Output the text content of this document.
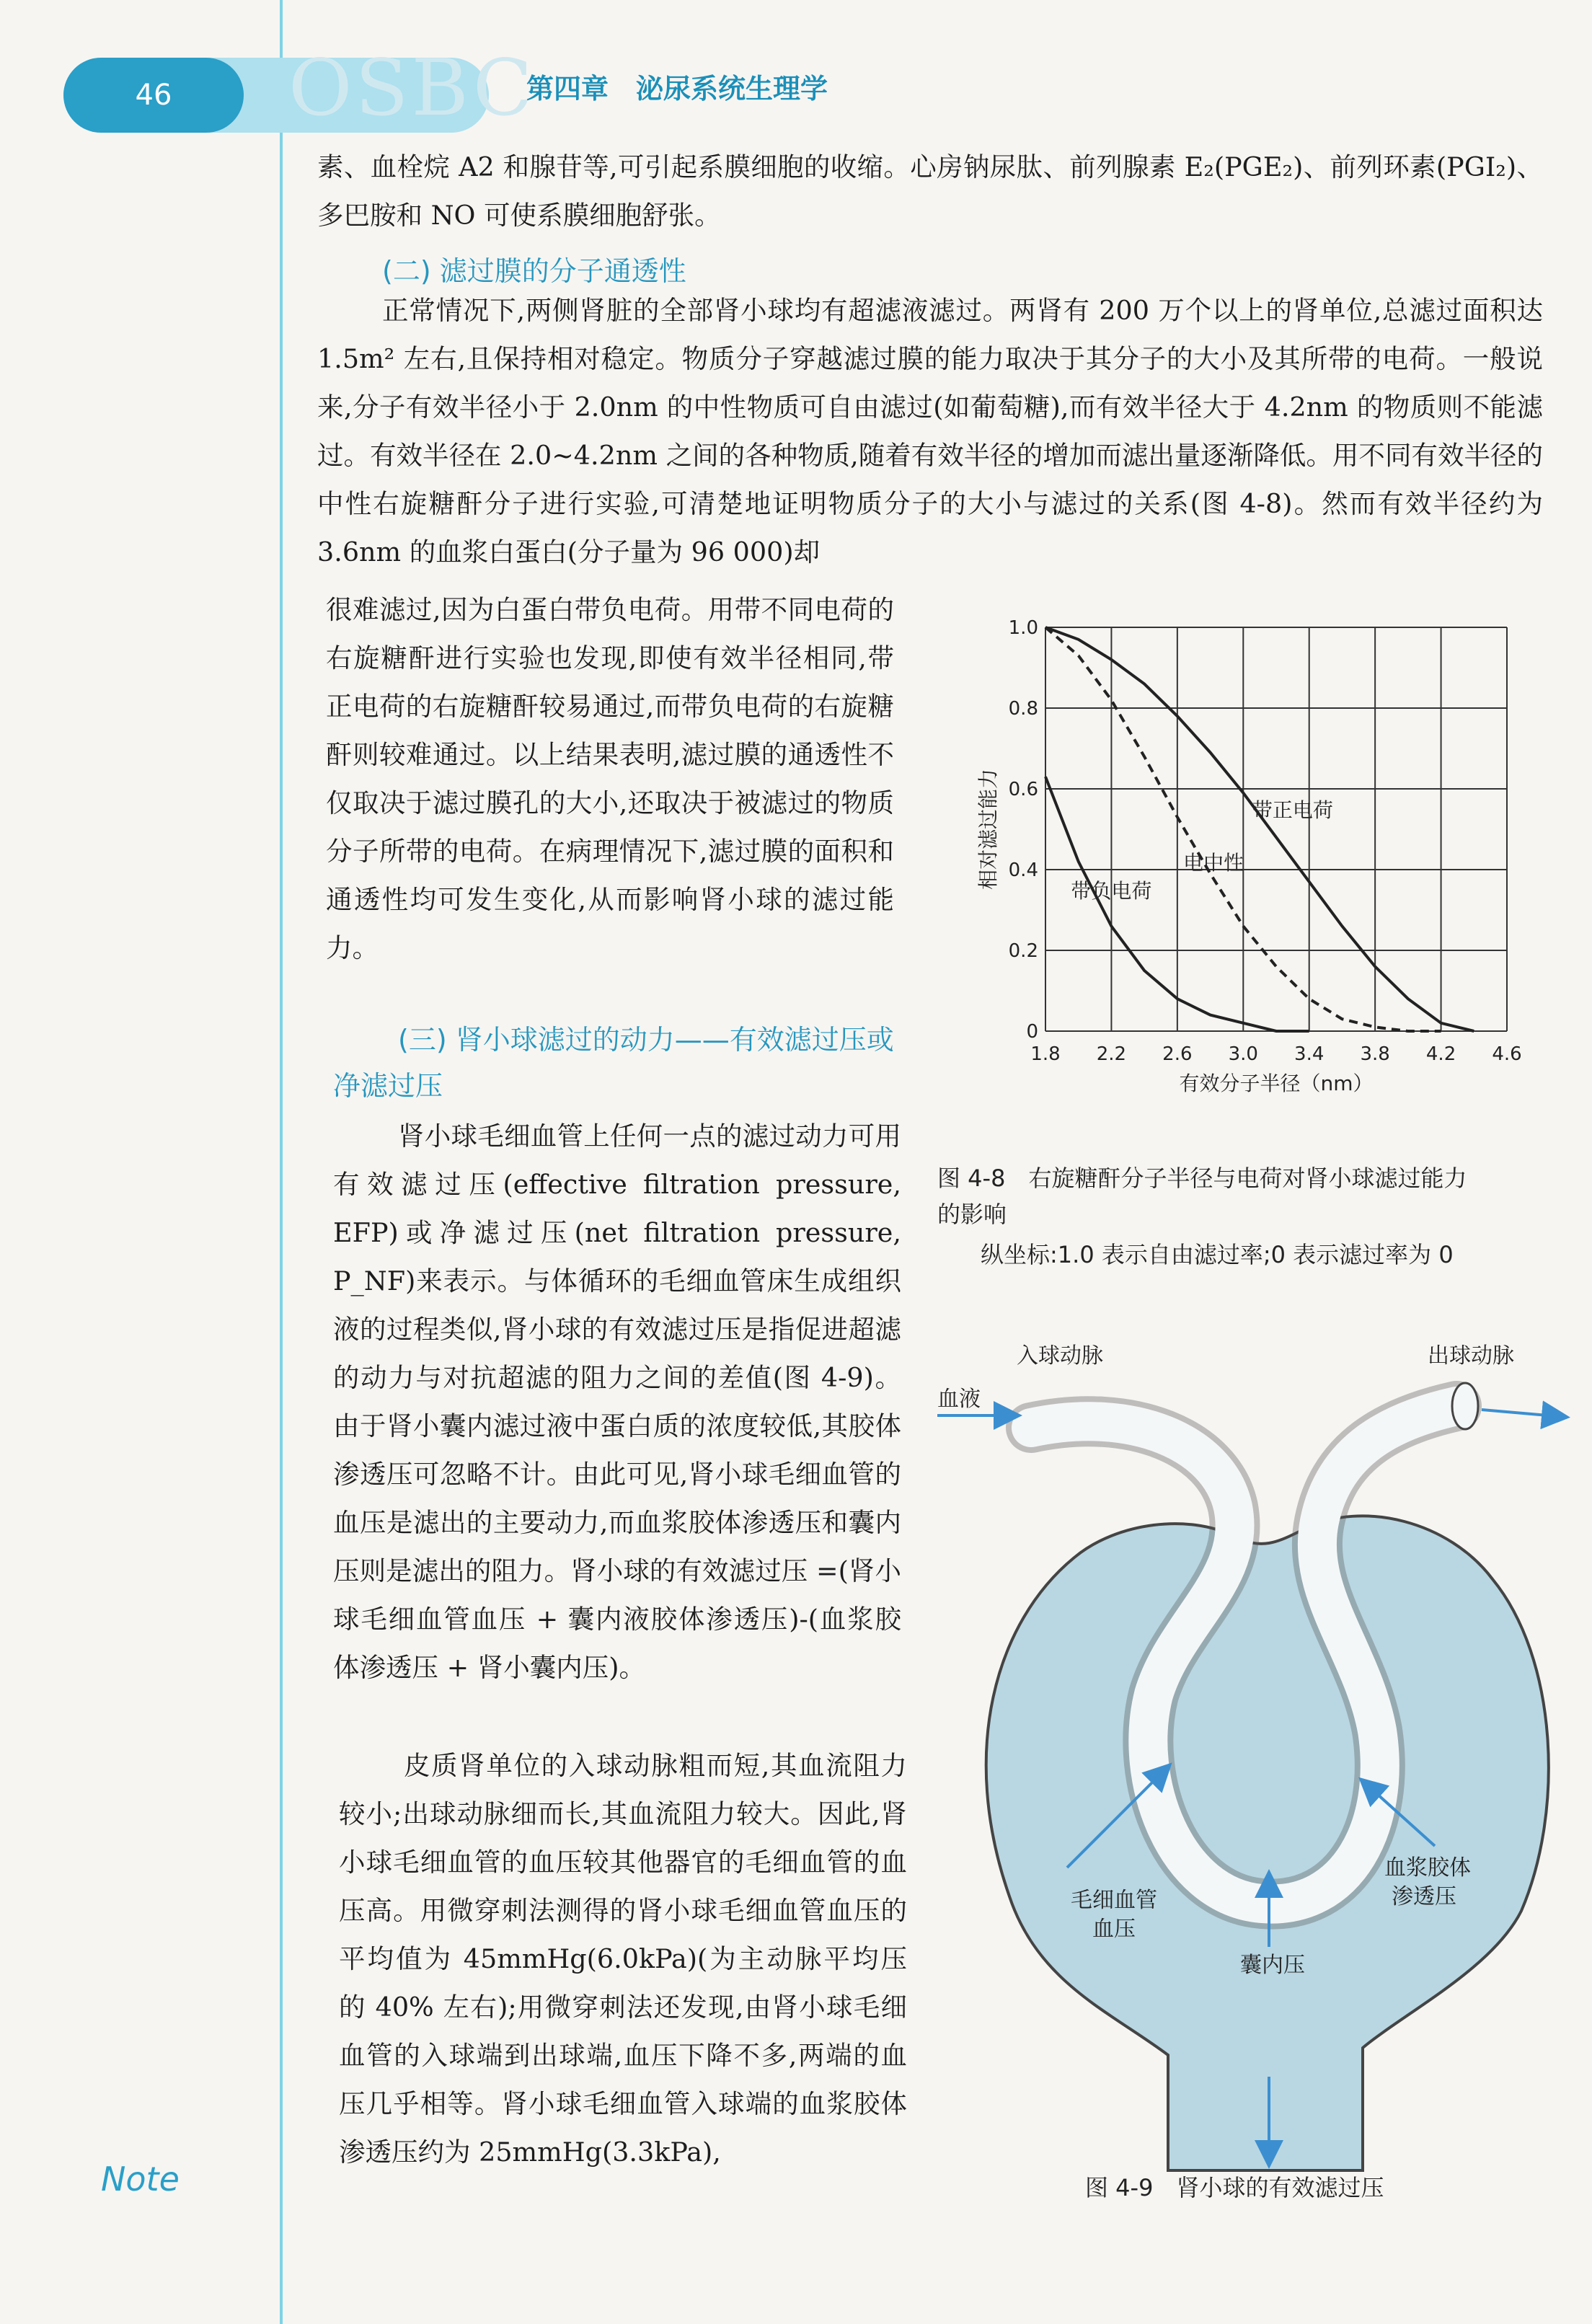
46	OSBC
第四章　泌尿系统生理学

素、血栓烷 A2 和腺苷等,可引起系膜细胞的收缩。心房钠尿肽、前列腺素 E₂(PGE₂)、前列环素(PGI₂)、多巴胺和 NO 可使系膜细胞舒张。

(二) 滤过膜的分子通透性

正常情况下,两侧肾脏的全部肾小球均有超滤液滤过。两肾有 200 万个以上的肾单位,总滤过面积达 1.5m² 左右,且保持相对稳定。物质分子穿越滤过膜的能力取决于其分子的大小及其所带的电荷。一般说来,分子有效半径小于 2.0nm 的中性物质可自由滤过(如葡萄糖),而有效半径大于 4.2nm 的物质则不能滤过。有效半径在 2.0~4.2nm 之间的各种物质,随着有效半径的增加而滤出量逐渐降低。用不同有效半径的中性右旋糖酐分子进行实验,可清楚地证明物质分子的大小与滤过的关系(图 4-8)。然而有效半径约为 3.6nm 的血浆白蛋白(分子量为 96 000)却

很难滤过,因为白蛋白带负电荷。用带不同电荷的右旋糖酐进行实验也发现,即使有效半径相同,带正电荷的右旋糖酐较易通过,而带负电荷的右旋糖酐则较难通过。以上结果表明,滤过膜的通透性不仅取决于滤过膜孔的大小,还取决于被滤过的物质分子所带的电荷。在病理情况下,滤过膜的面积和通透性均可发生变化,从而影响肾小球的滤过能力。

(三) 肾小球滤过的动力——有效滤过压或净滤过压

肾小球毛细血管上任何一点的滤过动力可用有效滤过压(effective filtration pressure, EFP)或净滤过压(net filtration pressure, P_NF)来表示。与体循环的毛细血管床生成组织液的过程类似,肾小球的有效滤过压是指促进超滤的动力与对抗超滤的阻力之间的差值(图 4-9)。由于肾小囊内滤过液中蛋白质的浓度较低,其胶体渗透压可忽略不计。由此可见,肾小球毛细血管的血压是滤出的主要动力,而血浆胶体渗透压和囊内压则是滤出的阻力。肾小球的有效滤过压 =(肾小球毛细血管血压 + 囊内液胶体渗透压)-(血浆胶体渗透压 + 肾小囊内压)。

皮质肾单位的入球动脉粗而短,其血流阻力较小;出球动脉细而长,其血流阻力较大。因此,肾小球毛细血管的血压较其他器官的毛细血管的血压高。用微穿刺法测得的肾小球毛细血管血压的平均值为 45mmHg(6.0kPa)(为主动脉平均压的 40% 左右);用微穿刺法还发现,由肾小球毛细血管的入球端到出球端,血压下降不多,两端的血压几乎相等。肾小球毛细血管入球端的血浆胶体渗透压约为 25mmHg(3.3kPa),

1.8 2.2 2.6 3.0 3.4 3.8 4.2 4.6
0
0.2
0.4
0.6
0.8
1.0
有效分子半径（nm）
相对滤过能力	带正电荷
电中性
带负电荷

图 4-8　右旋糖酐分子半径与电荷对肾小球滤过能力

的影响

纵坐标:1.0 表示自由滤过率;0 表示滤过率为 0

入球动脉	出球动脉
血液
毛细血管
血压
囊内压
血浆胶体
渗透压

图 4-9　肾小球的有效滤过压

Note
